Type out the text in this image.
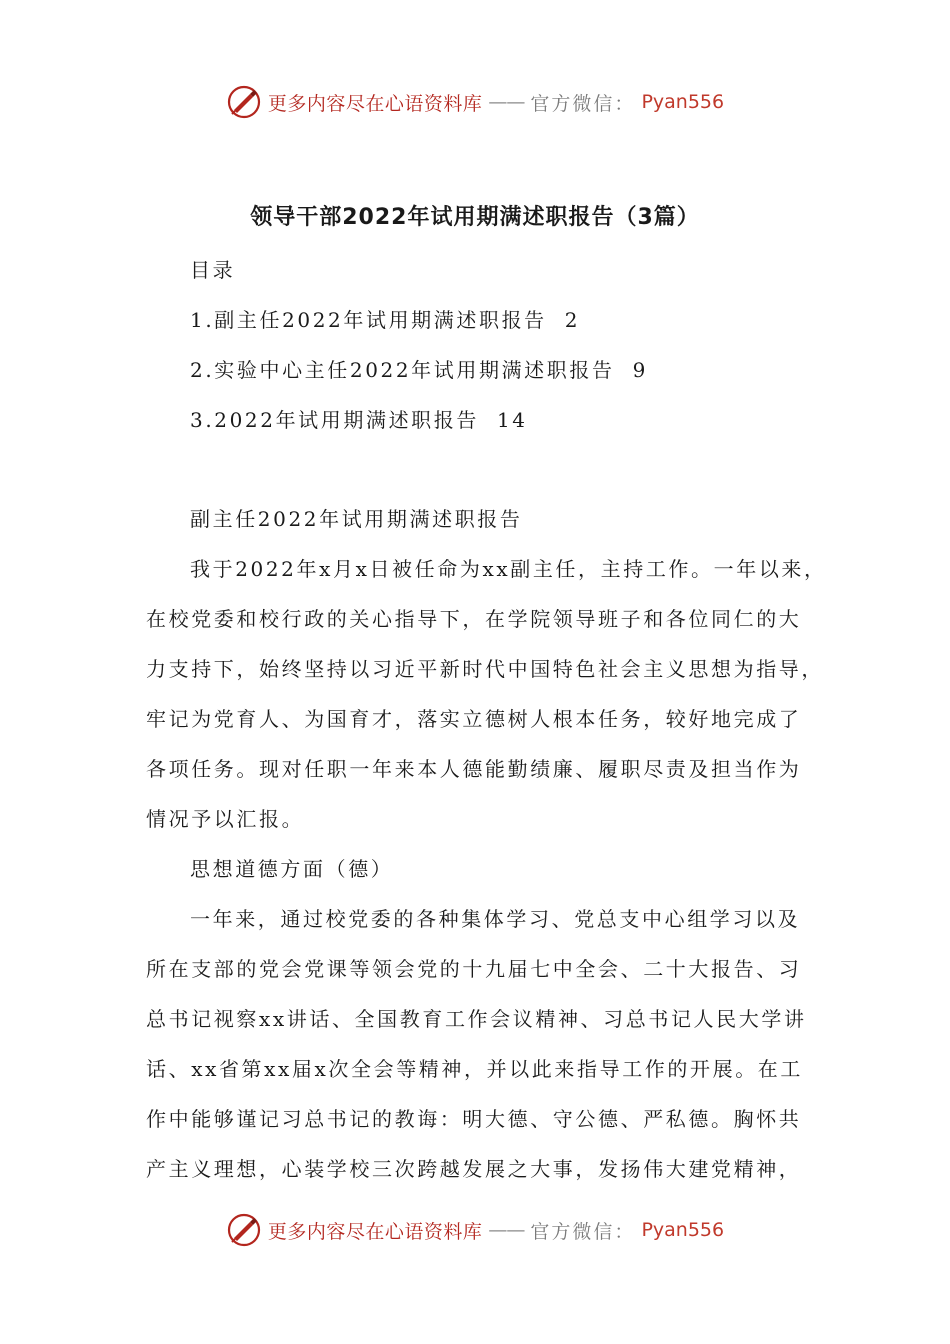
更多内容尽在心语资料库 —— 官方微信： Pyan556
领导干部2022年试用期满述职报告（3篇）
目录
1.副主任2022年试用期满述职报告 2
2.实验中心主任2022年试用期满述职报告 9
3.2022年试用期满述职报告 14
副主任2022年试用期满述职报告
我于2022年x月x日被任命为xx副主任，主持工作。一年以来，
在校党委和校行政的关心指导下，在学院领导班子和各位同仁的大
力支持下，始终坚持以习近平新时代中国特色社会主义思想为指导，
牢记为党育人、为国育才，落实立德树人根本任务，较好地完成了
各项任务。现对任职一年来本人德能勤绩廉、履职尽责及担当作为
情况予以汇报。
思想道德方面（德）
一年来，通过校党委的各种集体学习、党总支中心组学习以及
所在支部的党会党课等领会党的十九届七中全会、二十大报告、习
总书记视察xx讲话、全国教育工作会议精神、习总书记人民大学讲
话、xx省第xx届x次全会等精神，并以此来指导工作的开展。在工
作中能够谨记习总书记的教诲：明大德、守公德、严私德。胸怀共
产主义理想，心装学校三次跨越发展之大事，发扬伟大建党精神，
更多内容尽在心语资料库 —— 官方微信： Pyan556
